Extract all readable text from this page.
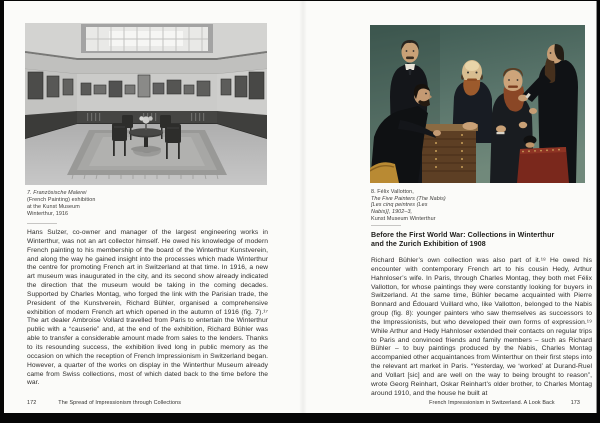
7. Französische Malerei
(French Painting) exhibition
at the Kunst Museum
Winterthur, 1916
Hans Sulzer, co-owner and manager of the largest engineering works in Winterthur, was not an art collector himself. He owed his knowledge of modern French painting to his membership of the board of the Winterthur Kunstverein, and along the way he gained insight into the processes which made Winterthur the centre for promoting French art in Switzerland at that time. In 1916, a new art museum was inaugurated in the city, and its second show already indicated the direction that the museum would be taking in the coming decades. Supported by Charles Montag, who forged the link with the Parisian trade, the President of the Kunstverein, Richard Bühler, organised a comprehensive exhibition of modern French art which opened in the autumn of 1916 (fig. 7).¹⁷ The art dealer Ambroise Vollard travelled from Paris to entertain the Winterthur public with a “causerie” and, at the end of the exhibition, Richard Bühler was able to transfer a considerable amount made from sales to the lenders. Thanks to its resounding success, the exhibition lived long in public memory as the occasion on which the reception of French Impressionism in Switzerland began. However, a quarter of the works on display in the Winterthur Museum already came from Swiss collections, most of which dated back to the time before the war.
172	The Spread of Impressionism through Collections
8. Félix Vallotton,
The Five Painters (The Nabis)
[Les cinq peintres (Les
Nabis)], 1902–3,
Kunst Museum Winterthur
Before the First World War: Collections in Winterthur
and the Zurich Exhibition of 1908
Richard Bühler’s own collection was also part of it.¹⁸ He owed his encounter with contemporary French art to his cousin Hedy, Arthur Hahnloser’s wife. In Paris, through Charles Montag, they both met Félix Vallotton, for whose paintings they were constantly looking for buyers in Switzerland. At the same time, Bühler became acquainted with Pierre Bonnard and Édouard Vuillard who, like Vallotton, belonged to the Nabis group (fig. 8): younger painters who saw themselves as successors to the Impressionists, but who developed their own forms of expression.¹⁹ While Arthur and Hedy Hahnloser extended their contacts on regular trips to Paris and convinced friends and family members – such as Richard Bühler – to buy paintings produced by the Nabis, Charles Montag accompanied other acquaintances from Winterthur on their first steps into the relevant art market in Paris. “Yesterday, we ‘worked’ at Durand-Ruel and Vollart [sic] and are well on the way to being brought to reason”, wrote Georg Reinhart, Oskar Reinhart’s older brother, to Charles Montag around 1910, and the house he built at
French Impressionism in Switzerland. A Look Back	173
